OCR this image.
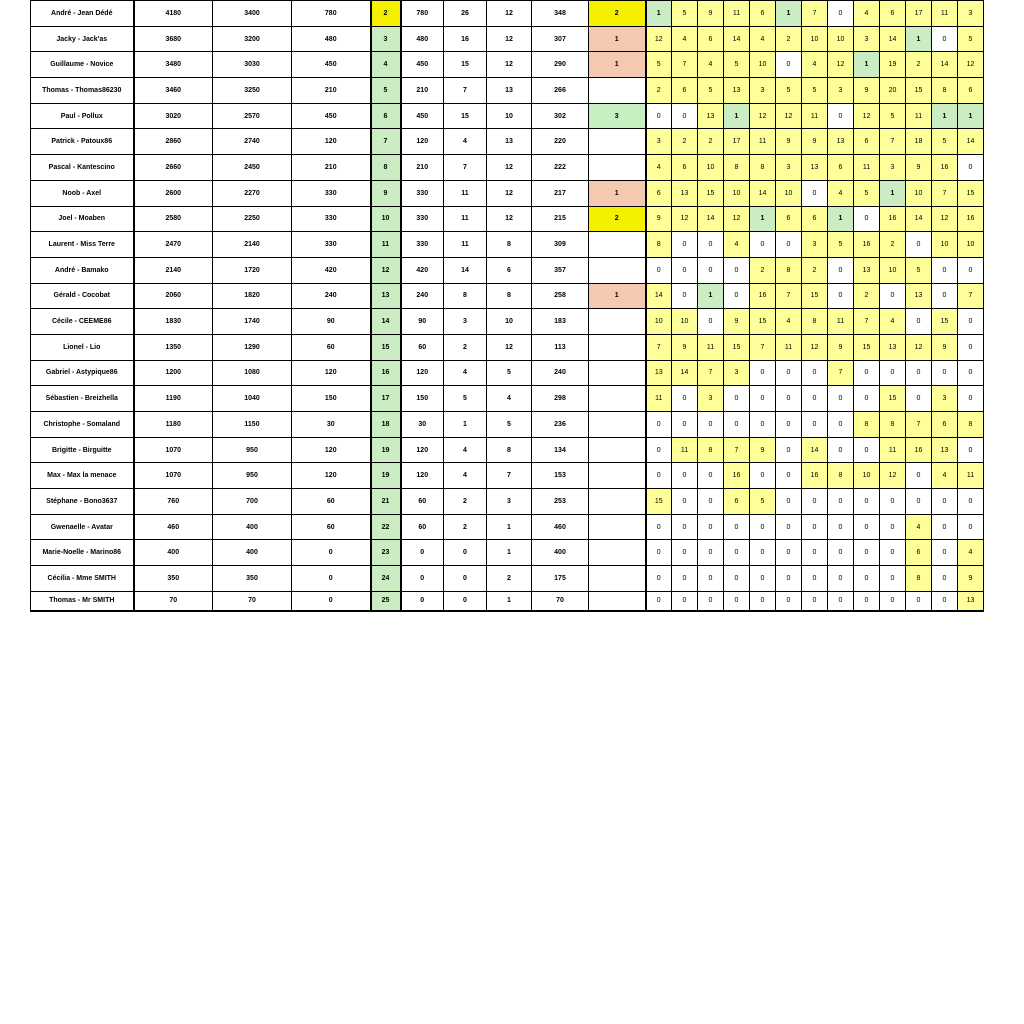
André - Jean Dédé	4180	3400	780	2	780	26	12	348	2	1	5	9	11	6	1	7	0	4	6	17	11	3
Jacky - Jack'as	3680	3200	480	3	480	16	12	307	1	12	4	6	14	4	2	10	10	3	14	1	0	5
Guillaume - Novice	3480	3030	450	4	450	15	12	290	1	5	7	4	5	10	0	4	12	1	19	2	14	12
Thomas - Thomas86230	3460	3250	210	5	210	7	13	266		2	6	5	13	3	5	5	3	9	20	15	8	6
Paul - Pollux	3020	2570	450	6	450	15	10	302	3	0	0	13	1	12	12	11	0	12	5	11	1	1
Patrick - Patoux86	2860	2740	120	7	120	4	13	220		3	2	2	17	11	9	9	13	6	7	18	5	14
Pascal - Kantescino	2660	2450	210	8	210	7	12	222		4	6	10	8	8	3	13	6	11	3	9	16	0
Noob - Axel	2600	2270	330	9	330	11	12	217	1	6	13	15	10	14	10	0	4	5	1	10	7	15
Joel - Moaben	2580	2250	330	10	330	11	12	215	2	9	12	14	12	1	6	6	1	0	16	14	12	16
Laurent - Miss Terre	2470	2140	330	11	330	11	8	309		8	0	0	4	0	0	3	5	16	2	0	10	10
André - Bamako	2140	1720	420	12	420	14	6	357		0	0	0	0	2	8	2	0	13	10	5	0	0
Gérald - Cocobat	2060	1820	240	13	240	8	8	258	1	14	0	1	0	16	7	15	0	2	0	13	0	7
Cécile - CEEME86	1830	1740	90	14	90	3	10	183		10	10	0	9	15	4	8	11	7	4	0	15	0
Lionel - Lio	1350	1290	60	15	60	2	12	113		7	9	11	15	7	11	12	9	15	13	12	9	0
Gabriel - Astypique86	1200	1080	120	16	120	4	5	240		13	14	7	3	0	0	0	7	0	0	0	0	0
Sébastien - Breizhella	1190	1040	150	17	150	5	4	298		11	0	3	0	0	0	0	0	0	15	0	3	0
Christophe - Somaland	1180	1150	30	18	30	1	5	236		0	0	0	0	0	0	0	0	8	8	7	6	8
Brigitte - Birguitte	1070	950	120	19	120	4	8	134		0	11	8	7	9	0	14	0	0	11	16	13	0
Max - Max la menace	1070	950	120	19	120	4	7	153		0	0	0	16	0	0	16	8	10	12	0	4	11
Stéphane - Bono3637	760	700	60	21	60	2	3	253		15	0	0	6	5	0	0	0	0	0	0	0	0
Gwenaelle - Avatar	460	400	60	22	60	2	1	460		0	0	0	0	0	0	0	0	0	0	4	0	0
Marie-Noelle - Marino86	400	400	0	23	0	0	1	400		0	0	0	0	0	0	0	0	0	0	6	0	4
Cécilia - Mme SMITH	350	350	0	24	0	0	2	175		0	0	0	0	0	0	0	0	0	0	8	0	9
Thomas - Mr SMITH	70	70	0	25	0	0	1	70		0	0	0	0	0	0	0	0	0	0	0	0	13
